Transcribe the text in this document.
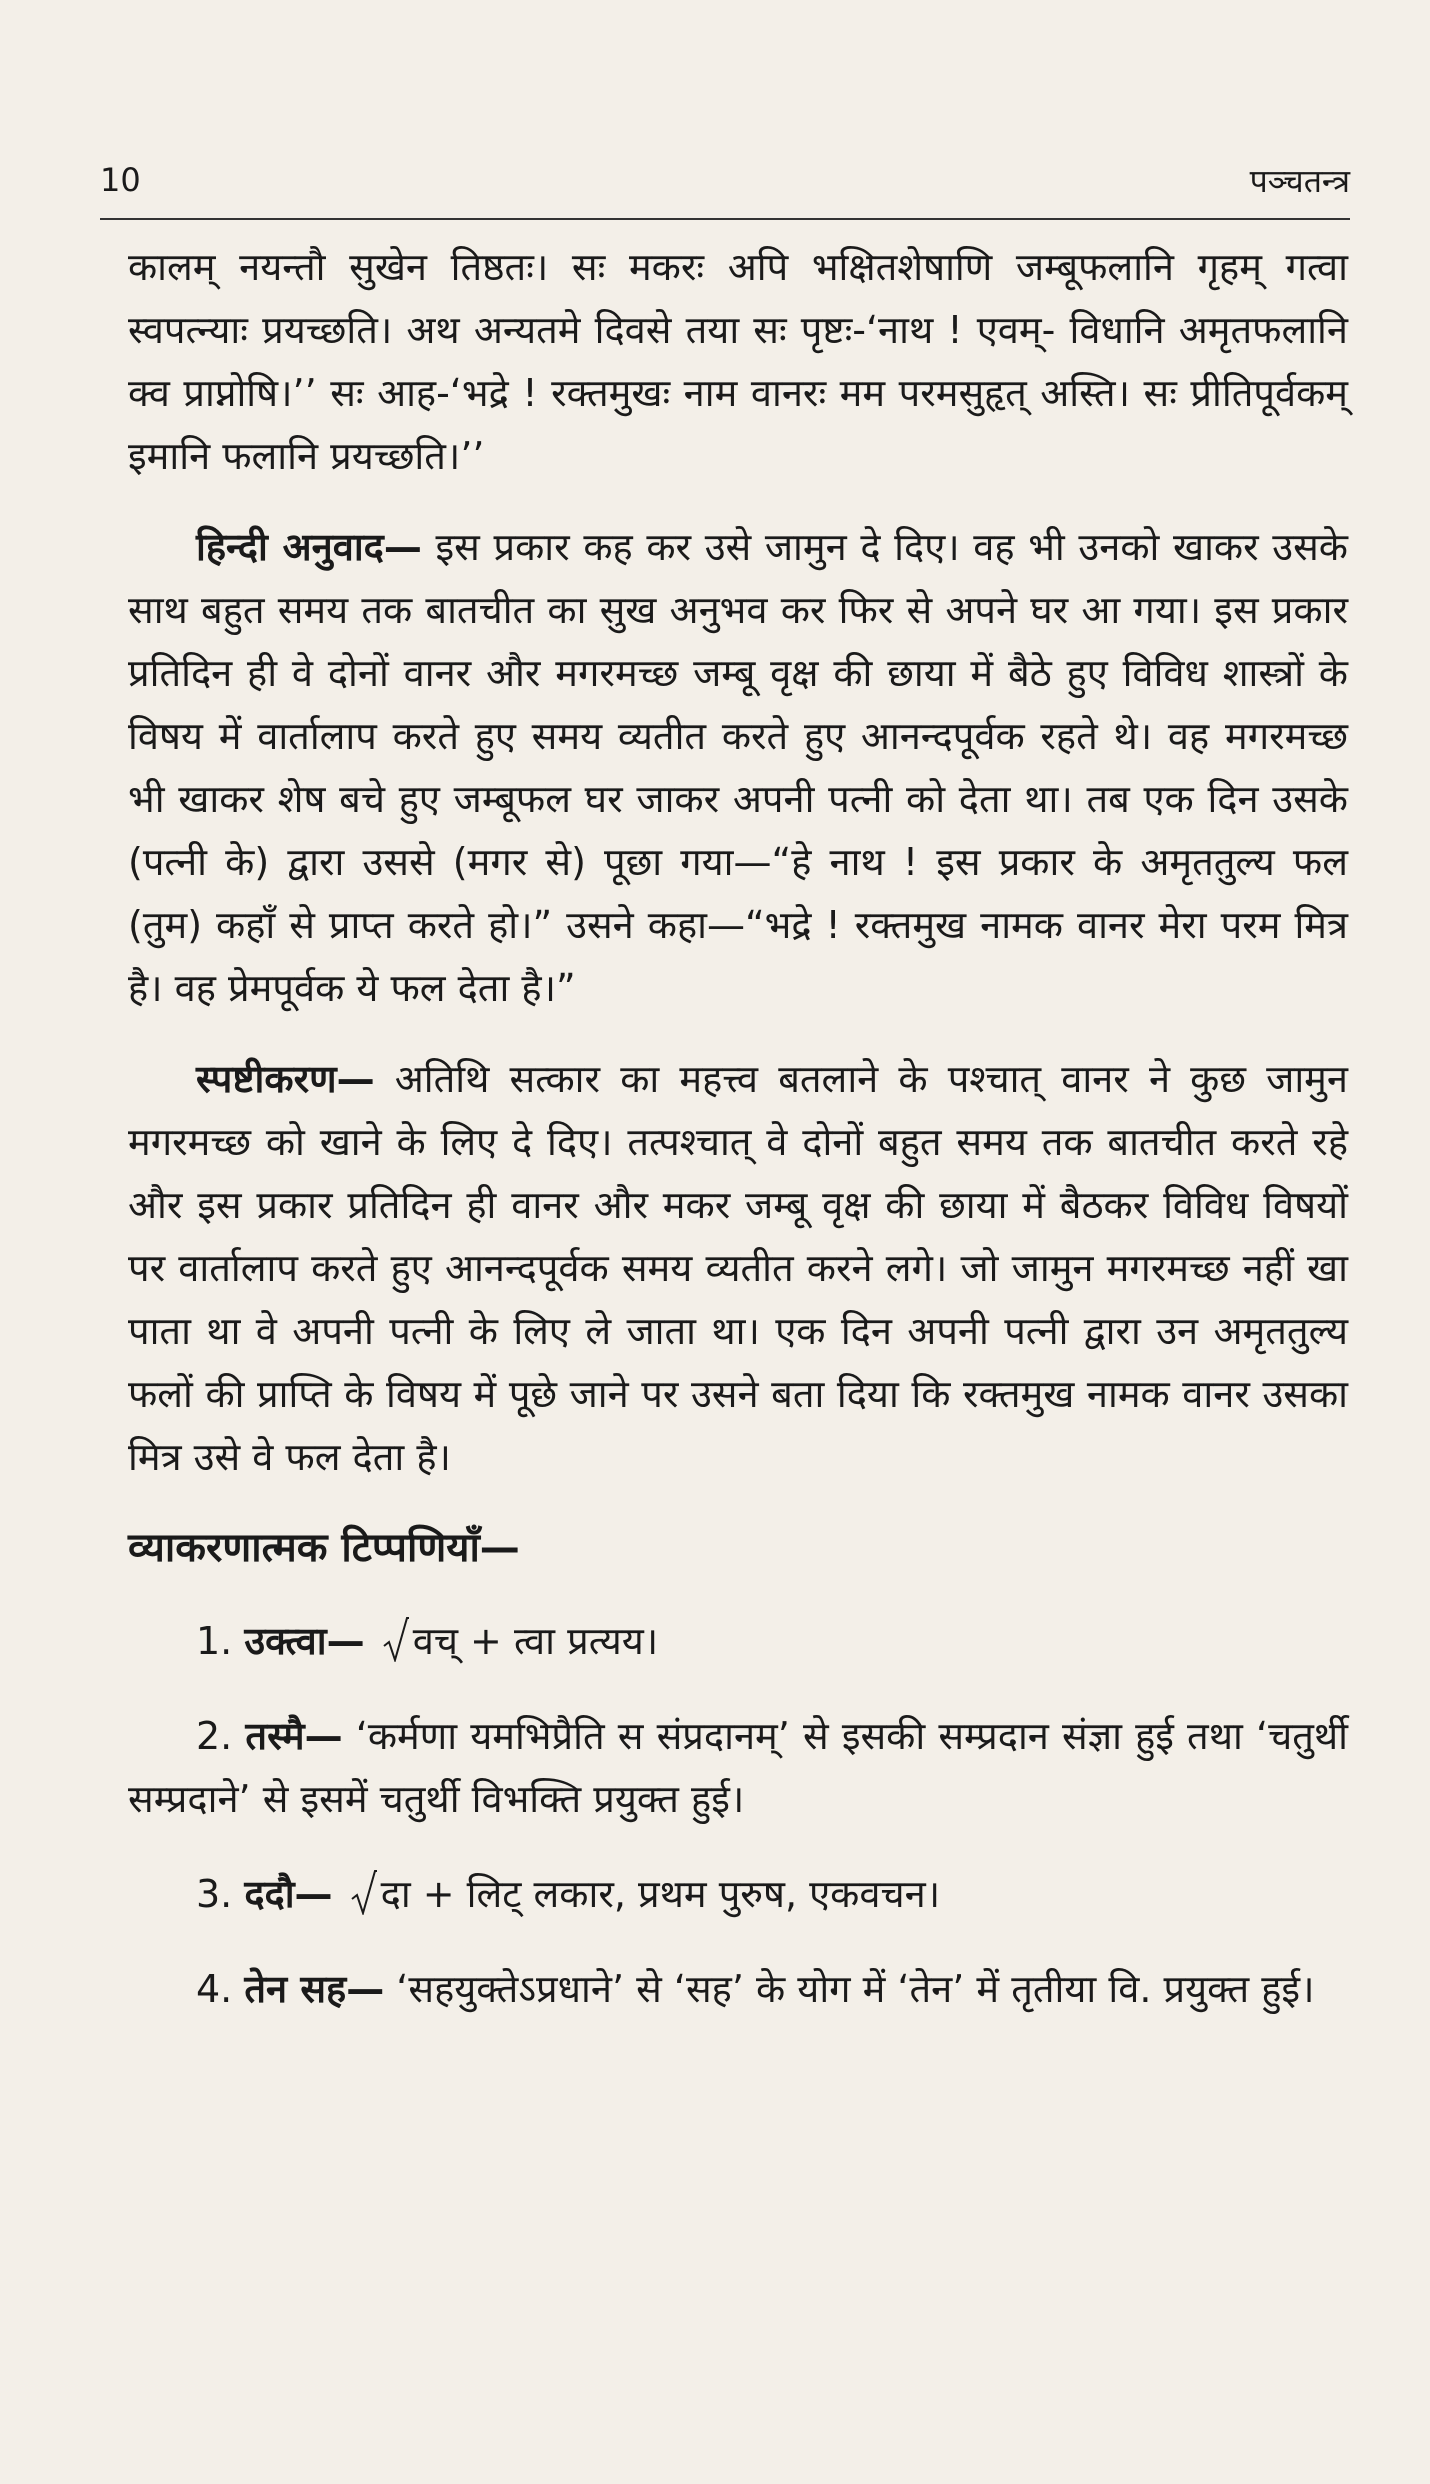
10	पञ्चतन्त्र

कालम् नयन्तौ सुखेन तिष्ठतः। सः मकरः अपि भक्षितशेषाणि जम्बूफलानि गृहम् गत्वा स्वपत्न्याः प्रयच्छति। अथ अन्यतमे दिवसे तया सः पृष्टः-‘नाथ ! एवम्- विधानि अमृतफलानि क्व प्राप्नोषि।’’ सः आह-‘भद्रे ! रक्तमुखः नाम वानरः मम परमसुहृत् अस्ति। सः प्रीतिपूर्वकम् इमानि फलानि प्रयच्छति।’’

हिन्दी अनुवाद— इस प्रकार कह कर उसे जामुन दे दिए। वह भी उनको खाकर उसके साथ बहुत समय तक बातचीत का सुख अनुभव कर फिर से अपने घर आ गया। इस प्रकार प्रतिदिन ही वे दोनों वानर और मगरमच्छ जम्बू वृक्ष की छाया में बैठे हुए विविध शास्त्रों के विषय में वार्तालाप करते हुए समय व्यतीत करते हुए आनन्दपूर्वक रहते थे। वह मगरमच्छ भी खाकर शेष बचे हुए जम्बूफल घर जाकर अपनी पत्नी को देता था। तब एक दिन उसके (पत्नी के) द्वारा उससे (मगर से) पूछा गया—“हे नाथ ! इस प्रकार के अमृततुल्य फल (तुम) कहाँ से प्राप्त करते हो।” उसने कहा—“भद्रे ! रक्तमुख नामक वानर मेरा परम मित्र है। वह प्रेमपूर्वक ये फल देता है।”

स्पष्टीकरण— अतिथि सत्कार का महत्त्व बतलाने के पश्चात् वानर ने कुछ जामुन मगरमच्छ को खाने के लिए दे दिए। तत्पश्चात् वे दोनों बहुत समय तक बातचीत करते रहे और इस प्रकार प्रतिदिन ही वानर और मकर जम्बू वृक्ष की छाया में बैठकर विविध विषयों पर वार्तालाप करते हुए आनन्दपूर्वक समय व्यतीत करने लगे। जो जामुन मगरमच्छ नहीं खा पाता था वे अपनी पत्नी के लिए ले जाता था। एक दिन अपनी पत्नी द्वारा उन अमृततुल्य फलों की प्राप्ति के विषय में पूछे जाने पर उसने बता दिया कि रक्तमुख नामक वानर उसका मित्र उसे वे फल देता है।

व्याकरणात्मक टिप्पणियाँ—
1. उक्त्वा— वच् + त्वा प्रत्यय।
2. तस्मै— ‘कर्मणा यमभिप्रैति स संप्रदानम्’ से इसकी सम्प्रदान संज्ञा हुई तथा ‘चतुर्थी सम्प्रदाने’ से इसमें चतुर्थी विभक्ति प्रयुक्त हुई।
3. ददौ— दा + लिट् लकार, प्रथम पुरुष, एकवचन।
4. तेन सह— ‘सहयुक्तेऽप्रधाने’ से ‘सह’ के योग में ‘तेन’ में तृतीया वि. प्रयुक्त हुई।
